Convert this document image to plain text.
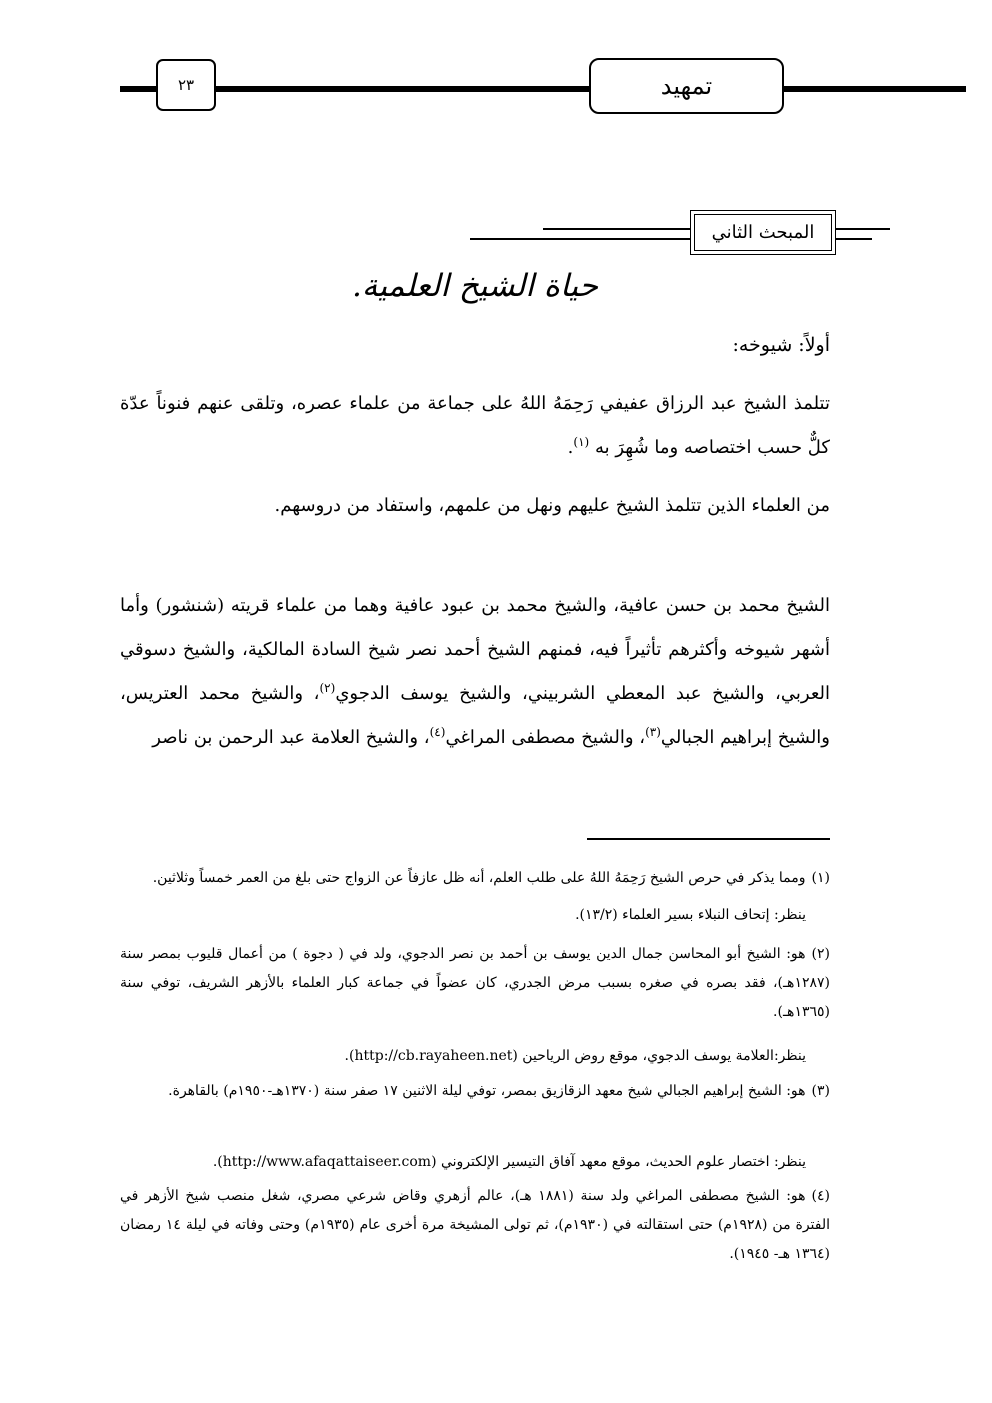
٢٣	تمهيد
المبحث الثاني
حياة الشيخ العلمية.
أولاً: شيوخه:
تتلمذ الشيخ عبد الرزاق عفيفي رَحِمَهُ اللهُ على جماعة من علماء عصره، وتلقى عنهم فنوناً عدّة كلٌّ حسب اختصاصه وما شُهِرَ به $^{(١)}$.
من العلماء الذين تتلمذ الشيخ عليهم ونهل من علمهم، واستفاد من دروسهم.
الشيخ محمد بن حسن عافية، والشيخ محمد بن عبود عافية وهما من علماء قريته (شنشور) وأما أشهر شيوخه وأكثرهم تأثيراً فيه، فمنهم الشيخ أحمد نصر شيخ السادة المالكية، والشيخ دسوقي العربي، والشيخ عبد المعطي الشربيني، والشيخ يوسف الدجوي$^{(٢)}$، والشيخ محمد العتريس، والشيخ إبراهيم الجبالي$^{(٣)}$، والشيخ مصطفى المراغي$^{(٤)}$، والشيخ العلامة عبد الرحمن بن ناصر
(١)ومما يذكر في حرص الشيخ رَحِمَهُ اللهُ على طلب العلم، أنه ظل عازفاً عن الزواج حتى بلغ من العمر خمساً وثلاثين.
ينظر: إتحاف النبلاء بسير العلماء (١٣/٢).
(٢)هو: الشيخ أبو المحاسن جمال الدين يوسف بن أحمد بن نصر الدجوي، ولد في ( دجوة ) من أعمال قليوب بمصر سنة (١٢٨٧هـ)، فقد بصره في صغره بسبب مرض الجدري، كان عضواً في جماعة كبار العلماء بالأزهر الشريف، توفي سنة (١٣٦٥هـ).
ينظر:العلامة يوسف الدجوي، موقع روض الرياحين (http://cb.rayaheen.net).
(٣)هو: الشيخ إبراهيم الجبالي شيخ معهد الزقازيق بمصر، توفي ليلة الاثنين ١٧ صفر سنة (١٣٧٠هـ-١٩٥٠م) بالقاهرة.
ينظر: اختصار علوم الحديث، موقع معهد آفاق التيسير الإلكتروني (http://www.afaqattaiseer.com).
(٤)هو: الشيخ مصطفى المراغي ولد سنة (١٨٨١ هـ)، عالم أزهري وقاض شرعي مصري، شغل منصب شيخ الأزهر في الفترة من (١٩٢٨م) حتى استقالته في (١٩٣٠م)، ثم تولى المشيخة مرة أخرى عام (١٩٣٥م) وحتى وفاته في ليلة ١٤ رمضان (١٣٦٤ هـ- ١٩٤٥).
